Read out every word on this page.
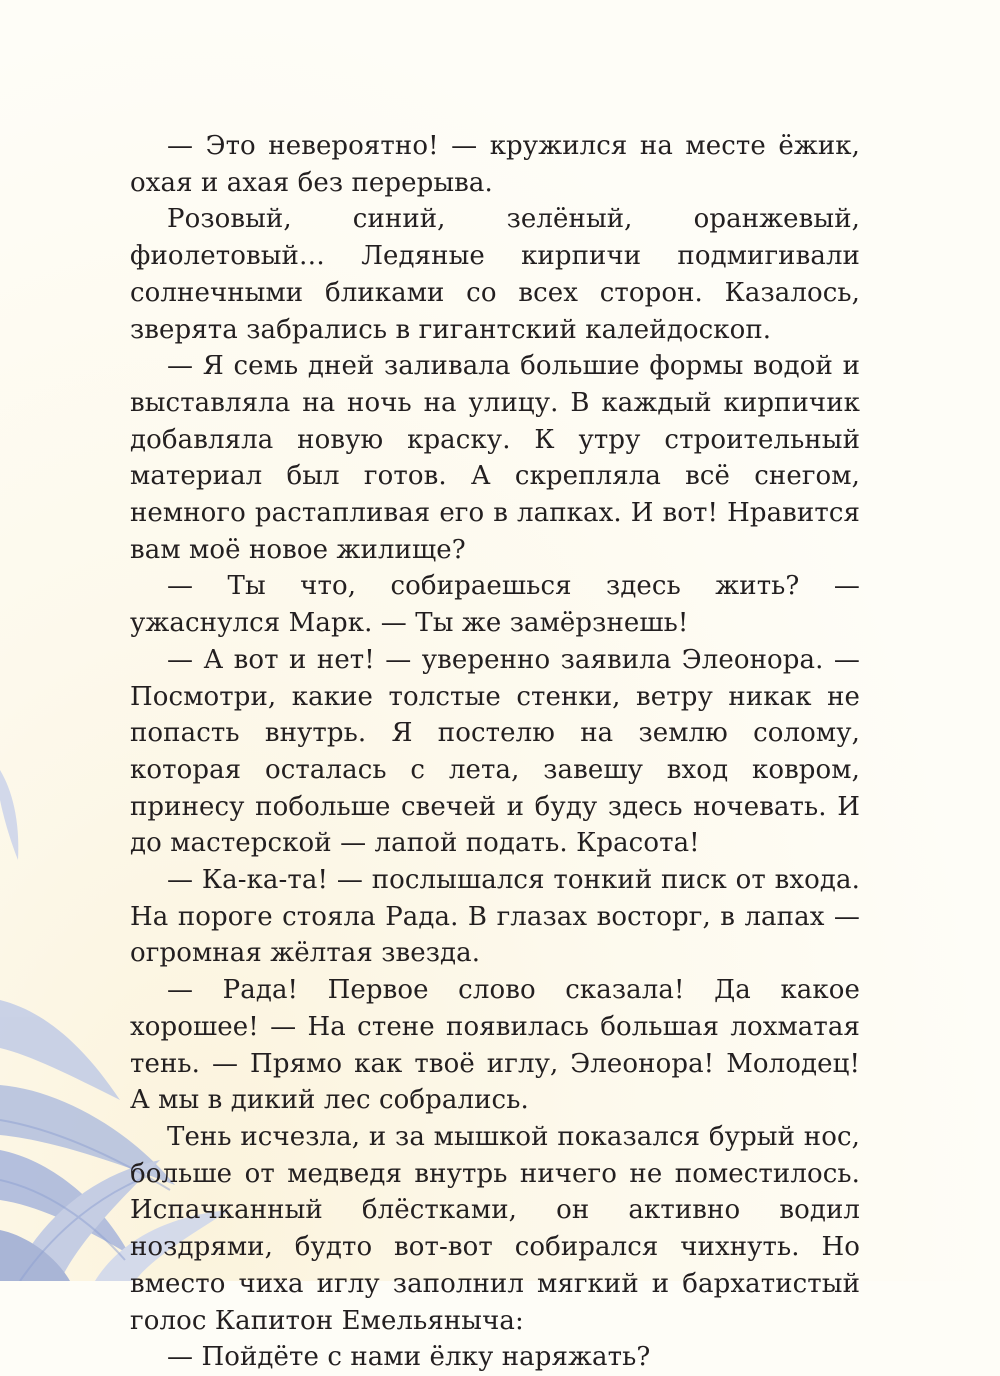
— Это невероятно! — кружился на месте ёжик, охая и ахая без перерыва.

Розовый, синий, зелёный, оранжевый, фиолетовый… Ледяные кирпичи подмигивали солнечными бликами со всех сторон. Казалось, зверята забрались в гигантский калейдоскоп.

— Я семь дней заливала большие формы водой и выставляла на ночь на улицу. В каждый кирпичик добавляла новую краску. К утру строительный материал был готов. А скрепляла всё снегом, немного растапливая его в лапках. И вот! Нравится вам моё новое жилище?

— Ты что, собираешься здесь жить? — ужаснулся Марк. — Ты же замёрзнешь!

— А вот и нет! — уверенно заявила Элеонора. — Посмотри, какие толстые стенки, ветру никак не попасть внутрь. Я постелю на землю солому, которая осталась с лета, завешу вход ковром, принесу побольше свечей и буду здесь ночевать. И до мастерской — лапой подать. Красота!

— Ка-ка-та! — послышался тонкий писк от входа. На пороге стояла Рада. В глазах восторг, в лапах — огромная жёлтая звезда.

— Рада! Первое слово сказала! Да какое хорошее! — На стене появилась большая лохматая тень. — Прямо как твоё иглу, Элеонора! Молодец! А мы в дикий лес собрались.

Тень исчезла, и за мышкой показался бурый нос, больше от медведя внутрь ничего не поместилось. Испачканный блёстками, он активно водил ноздрями, будто вот-вот собирался чихнуть. Но вместо чиха иглу заполнил мягкий и бархатистый голос Капитон Емельяныча:

— Пойдёте с нами ёлку наряжать?
